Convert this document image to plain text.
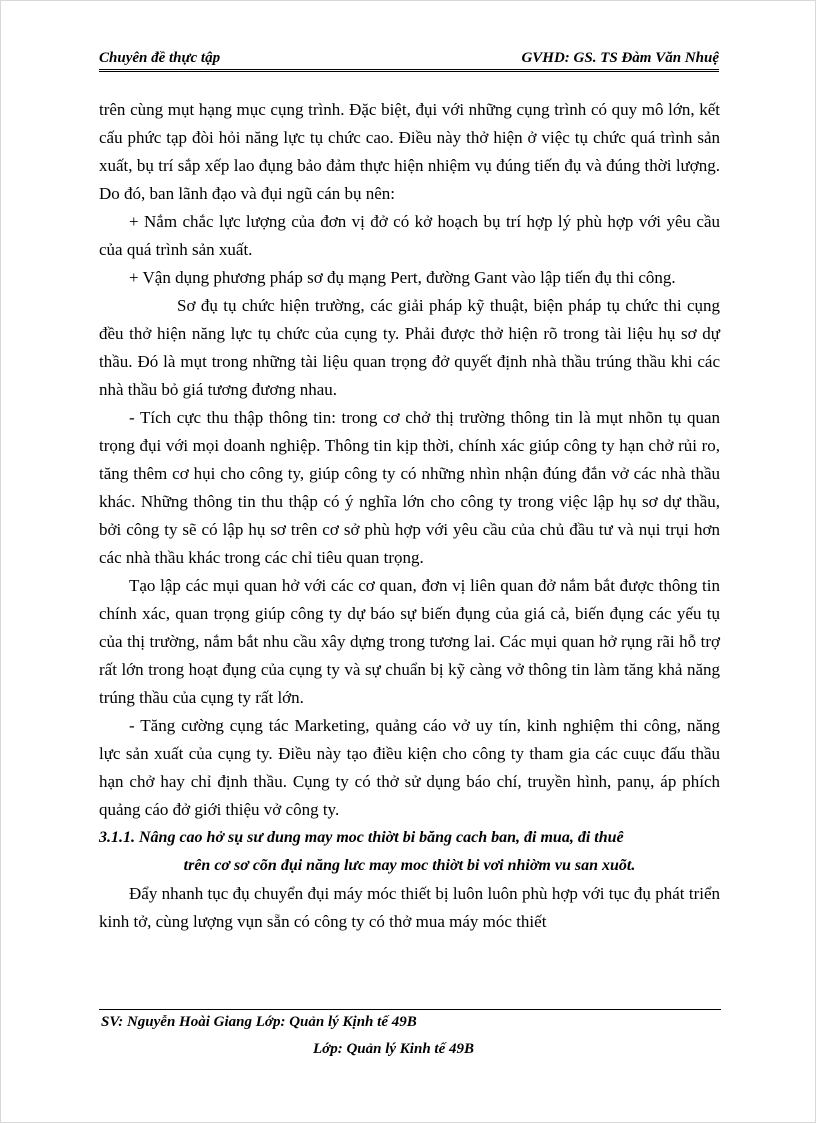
Chuyên đề thực tập	GVHD: GS. TS Đàm Văn Nhuệ

trên cùng mụt hạng mục cụng trình. Đặc biệt, đụi với những cụng trình có quy mô lớn, kết cấu phức tạp đòi hỏi năng lực tụ chức cao. Điều này thở hiện ở việc tụ chức quá trình sản xuất, bụ trí sắp xếp lao đụng bảo đảm thực hiện nhiệm vụ đúng tiến đụ và đúng thời lượng. Do đó, ban lãnh đạo và đụi ngũ cán bụ nên:

+ Nắm chắc lực lượng của đơn vị đở có kở hoạch bụ trí hợp lý phù hợp với yêu cầu của quá trình sản xuất.

+ Vận dụng phương pháp sơ đụ mạng Pert, đường Gant vào lập tiến đụ thi công.

Sơ đụ tụ chức hiện trường, các giải pháp kỹ thuật, biện pháp tụ chức thi cụng đều thở hiện năng lực tụ chức của cụng ty. Phải được thở hiện rõ trong tài liệu hụ sơ dự thầu. Đó là mụt trong những tài liệu quan trọng đở quyết định nhà thầu trúng thầu khi các nhà thầu bỏ giá tương đương nhau.

- Tích cực thu thập thông tin: trong cơ chở thị trường thông tin là mụt nhõn tụ quan trọng đụi với mọi doanh nghiệp. Thông tin kịp thời, chính xác giúp công ty hạn chở rủi ro, tăng thêm cơ hụi cho công ty, giúp công ty có những nhìn nhận đúng đắn vở các nhà thầu khác. Những thông tin thu thập có ý nghĩa lớn cho công ty trong việc lập hụ sơ dự thầu, bởi công ty sẽ có lập hụ sơ trên cơ sở phù hợp với yêu cầu của chủ đầu tư và nụi trụi hơn các nhà thầu khác trong các chỉ tiêu quan trọng.

Tạo lập các mụi quan hở với các cơ quan, đơn vị liên quan đở nắm bắt được thông tin chính xác, quan trọng giúp công ty dự báo sự biến đụng của giá cả, biến đụng các yếu tụ của thị trường, nắm bắt nhu cầu xây dựng trong tương lai. Các mụi quan hở rụng rãi hỗ trợ rất lớn trong hoạt đụng của cụng ty và sự chuẩn bị kỹ càng vở thông tin làm tăng khả năng trúng thầu của cụng ty rất lớn.

- Tăng cường cụng tác Marketing, quảng cáo vở uy tín, kinh nghiệm thi công, năng lực sản xuất của cụng ty. Điều này tạo điều kiện cho công ty tham gia các cuục đấu thầu hạn chở hay chỉ định thầu. Cụng ty có thở sử dụng báo chí, truyền hình, panụ, áp phích quảng cáo đở giới thiệu vở công ty.

3.1.1. Nâng cao hở sụ sư dung may moc thiờt bi băng cach ban, đi mua, đi thuê
trên cơ sơ cõn đụi năng lưc may moc thiờt bi vơi nhiờm vu san xuõt.

Đẩy nhanh tục đụ chuyển đụi máy móc thiết bị luôn luôn phù hợp với tục đụ phát triển kinh tở, cùng lượng vụn sẵn có công ty có thở mua máy móc thiết

SV: Nguyễn Hoài Giang Lớp: Quản lý Kịnh tế 49B
Lớp: Quản lý Kinh tế 49B
